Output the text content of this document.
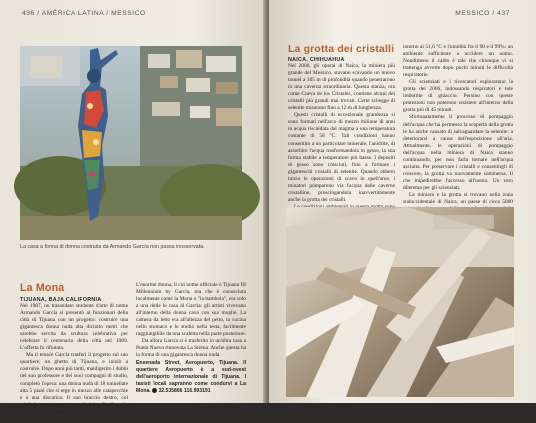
436 / AMÉRICA LATINA / MESSICO
La casa a forma di donna costruita da Armando García non passa inosservata.
La Mona
TIJUANA, BAJA CALIFORNIA

Nel 1987, un trasandato studente d'arte di nome Armando García si presentò ai funzionari della città di Tijuana con un progetto: costruire una gigantesca donna nuda alta diciotto metri che sarebbe servita da scultura celebrativa per celebrare il centenario della città nel 1989. L'offerta fu rifiutata.

Ma il tenace García trasferì il progetto sul suo quartiere, un ghetto di Tijuana, e iniziò a costruire. Dopo anni più tardi, maldigerito i dubbi del suo professore e dei suoi compagni di studio, completò l'opera: una donna nuda di 18 tonnellate alta 5 piani che si erge in mezzo alle catapecchie e a una discarica. Il suo braccio destro, col migliolo teso, punta verso il cielo. Si dice che questa statua rappresenti la Tijuana della città geografica del Messico.

L'enorme donna, il cui nome ufficiale è Tijuana III Millennium by García, ma che è conosciuta localmente come la Mona o "la bambola", era solo a una delle le casa di García: gli artisti vivevano all'interno della donna cava con sua moglie. La camera da letto era all'altezza del petto, la cucina nello stomaco e lo studio nella testa, facilmente raggiungibile da una scaletta nella parte posteriore.

Da allora García si è trasferito in un'altra casa a Punta Nuevo rinnovata La Sirena. Anche questa ha la forma di una gigantesca donna nuda.

Ensenada Street, Aeropuerto, Tijuana. Il quartiere Aeropuerto è a sud-ovest dell'aeroporto internazionale di Tijuana. I taxisti locali sapranno come condurvi a La Mona. 32.535866 116.993191

MESSICO / 437
La grotta dei cristalli
NAICA, CHIHUAHUA

Nel 2000, gli operai di Naica, la miniera più grande del Messico, stavano scavando un nuovo tunnel a 305 m di profondità quando penetrarono in una caverna straordinaria. Questa stanza, ora come Cueva de los Cristales, contiene alcuni dei cristalli più grandi mai trovati. Certe schegge di selenite misurano fino a 12 m di lunghezza.

Questi cristalli di eccezionale grandezza si sono formati nell'arco di mezzo milione di anni in acqua riscaldata dal magma a una temperatura costante di 58 °C. Tali condizioni hanno consentito a un particolare minerale, l'anidrite, di assorbire l'acqua trasformandola in gesso, la sua forma stabile a temperature più basse. I depositi di gesso sono cresciuti, fino a formare i giganteschi cristalli di selenite. Quando ebbero inizio le operazioni di scavo in quell'area, i minatori pomparono via l'acqua dalle caverne cristalline, prosciugandola inavvertitamente anche la grotta dei cristalli.

intorno ai 51,6 °C e l'umidità fra il 90 e il 99%: un ambiente sufficiente a uccidere un uomo. Nondimeno il caldo è tale che chiunque vi si trattenga avverte dopo pochi minuti le difficoltà respiratorie.

Gli scienziati e i ricercatori esplorarono la grotta del 2006, indossando respiratori e tute imbottite di ghiaccio. Persino con queste protezioni non poterono resistere all'interno della grotta più di 45 minuti.

Sfortunatamente il processo di pompaggio dell'acqua che ha permesso la scoperta della grotta le ha anche causato di salvaguardare la selenite: a deteriorarsi a causa dell'esposizione all'aria. Attualmente, le operazioni di pompaggio dell'acqua nella miniera di Naica stanno continuando, per non farla tornare nell'acqua asciutta. Per preservare i cristalli e consentirgli di crescere, la grotta va nuovamente sommersa. Il che impedirebbe l'accesso all'uomo. Un vero dilemma per gli scienziati.

La miniera e la grotta si trovano nella zona sudoccidentale di Naica, un paese di circa 5000
